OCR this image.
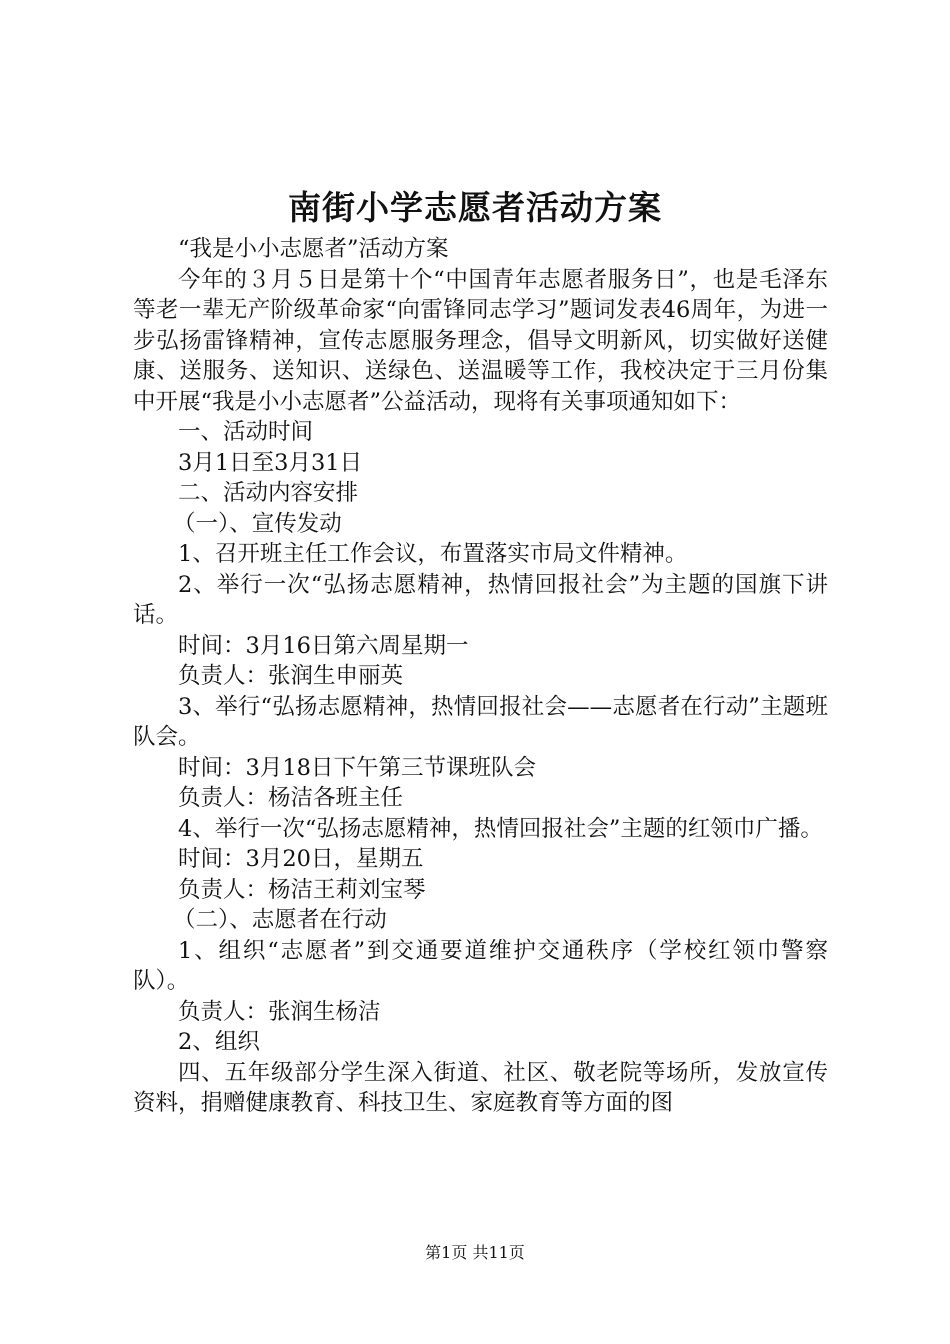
南街小学志愿者活动方案

“我是小小志愿者”活动方案

今年的３月５日是第十个“中国青年志愿者服务日”，也是毛泽东等老一辈无产阶级革命家“向雷锋同志学习”题词发表46周年，为进一步弘扬雷锋精神，宣传志愿服务理念，倡导文明新风，切实做好送健康、送服务、送知识、送绿色、送温暖等工作，我校决定于三月份集中开展“我是小小志愿者”公益活动，现将有关事项通知如下：

一、活动时间

3月1日至3月31日

二、活动内容安排

（一）、宣传发动

1、召开班主任工作会议，布置落实市局文件精神。

2、举行一次“弘扬志愿精神，热情回报社会”为主题的国旗下讲话。

时间：3月16日第六周星期一

负责人：张润生申丽英

3、举行“弘扬志愿精神，热情回报社会——志愿者在行动”主题班队会。

时间：3月18日下午第三节课班队会

负责人：杨洁各班主任

4、举行一次“弘扬志愿精神，热情回报社会”主题的红领巾广播。

时间：3月20日，星期五

负责人：杨洁王莉刘宝琴

（二）、志愿者在行动

1、组织“志愿者”到交通要道维护交通秩序（学校红领巾警察队）。

负责人：张润生杨洁

2、组织

四、五年级部分学生深入街道、社区、敬老院等场所，发放宣传资料，捐赠健康教育、科技卫生、家庭教育等方面的图

第1页 共11页
